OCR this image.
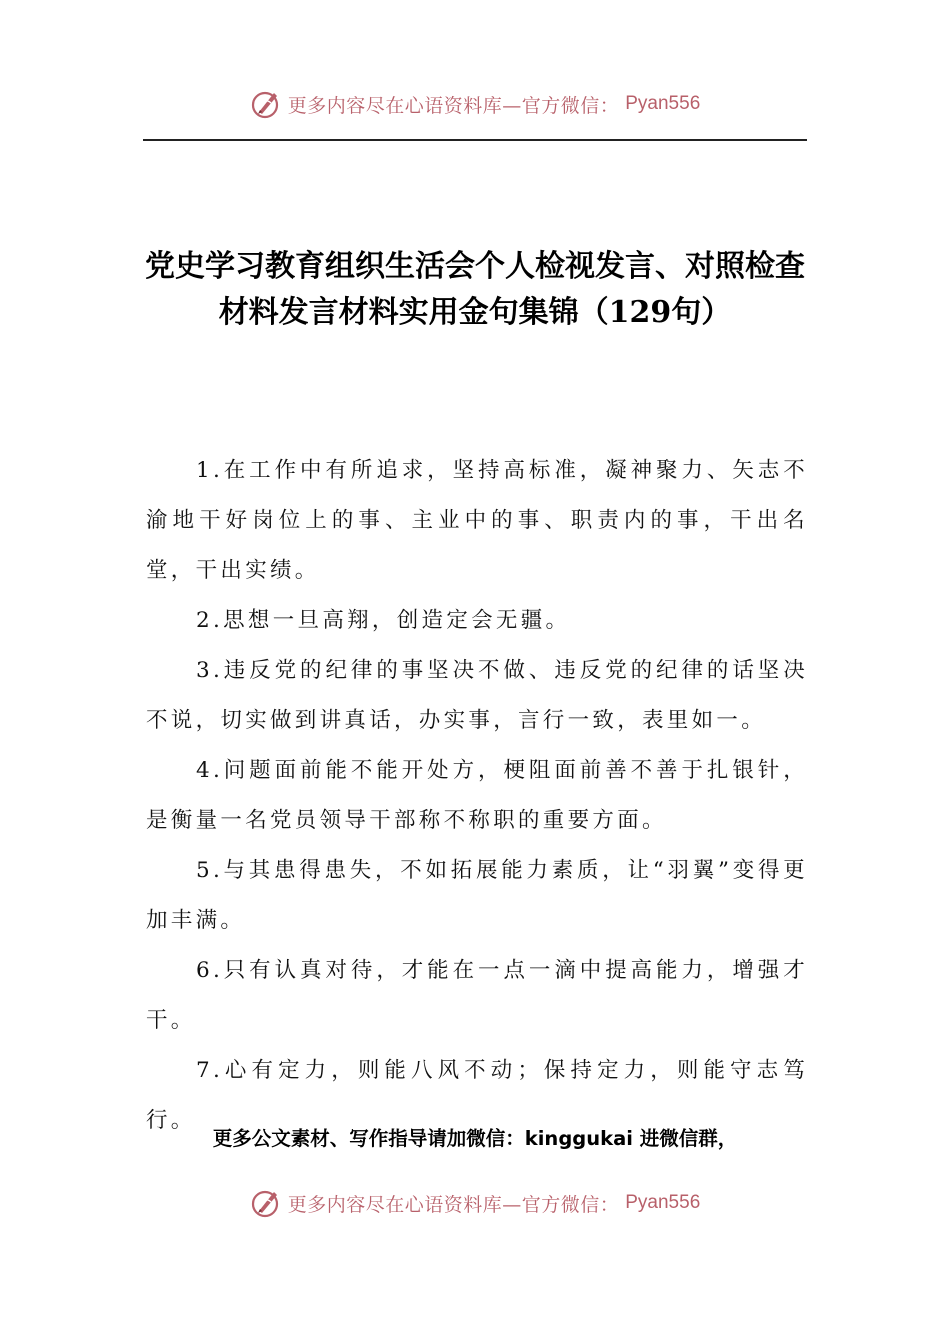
更多内容尽在心语资料库—官方微信： Pyan556
党史学习教育组织生活会个人检视发言、对照检查材料发言材料实用金句集锦（129句）

1.在工作中有所追求，坚持高标准，凝神聚力、矢志不渝地干好岗位上的事、主业中的事、职责内的事，干出名堂，干出实绩。

2.思想一旦高翔，创造定会无疆。

3.违反党的纪律的事坚决不做、违反党的纪律的话坚决不说，切实做到讲真话，办实事，言行一致，表里如一。

4.问题面前能不能开处方，梗阻面前善不善于扎银针，是衡量一名党员领导干部称不称职的重要方面。

5.与其患得患失，不如拓展能力素质，让“羽翼”变得更加丰满。

6.只有认真对待，才能在一点一滴中提高能力，增强才干。

7.心有定力，则能八风不动；保持定力，则能守志笃行。

更多公文素材、写作指导请加微信：kinggukai 进微信群，
更多内容尽在心语资料库—官方微信： Pyan556
